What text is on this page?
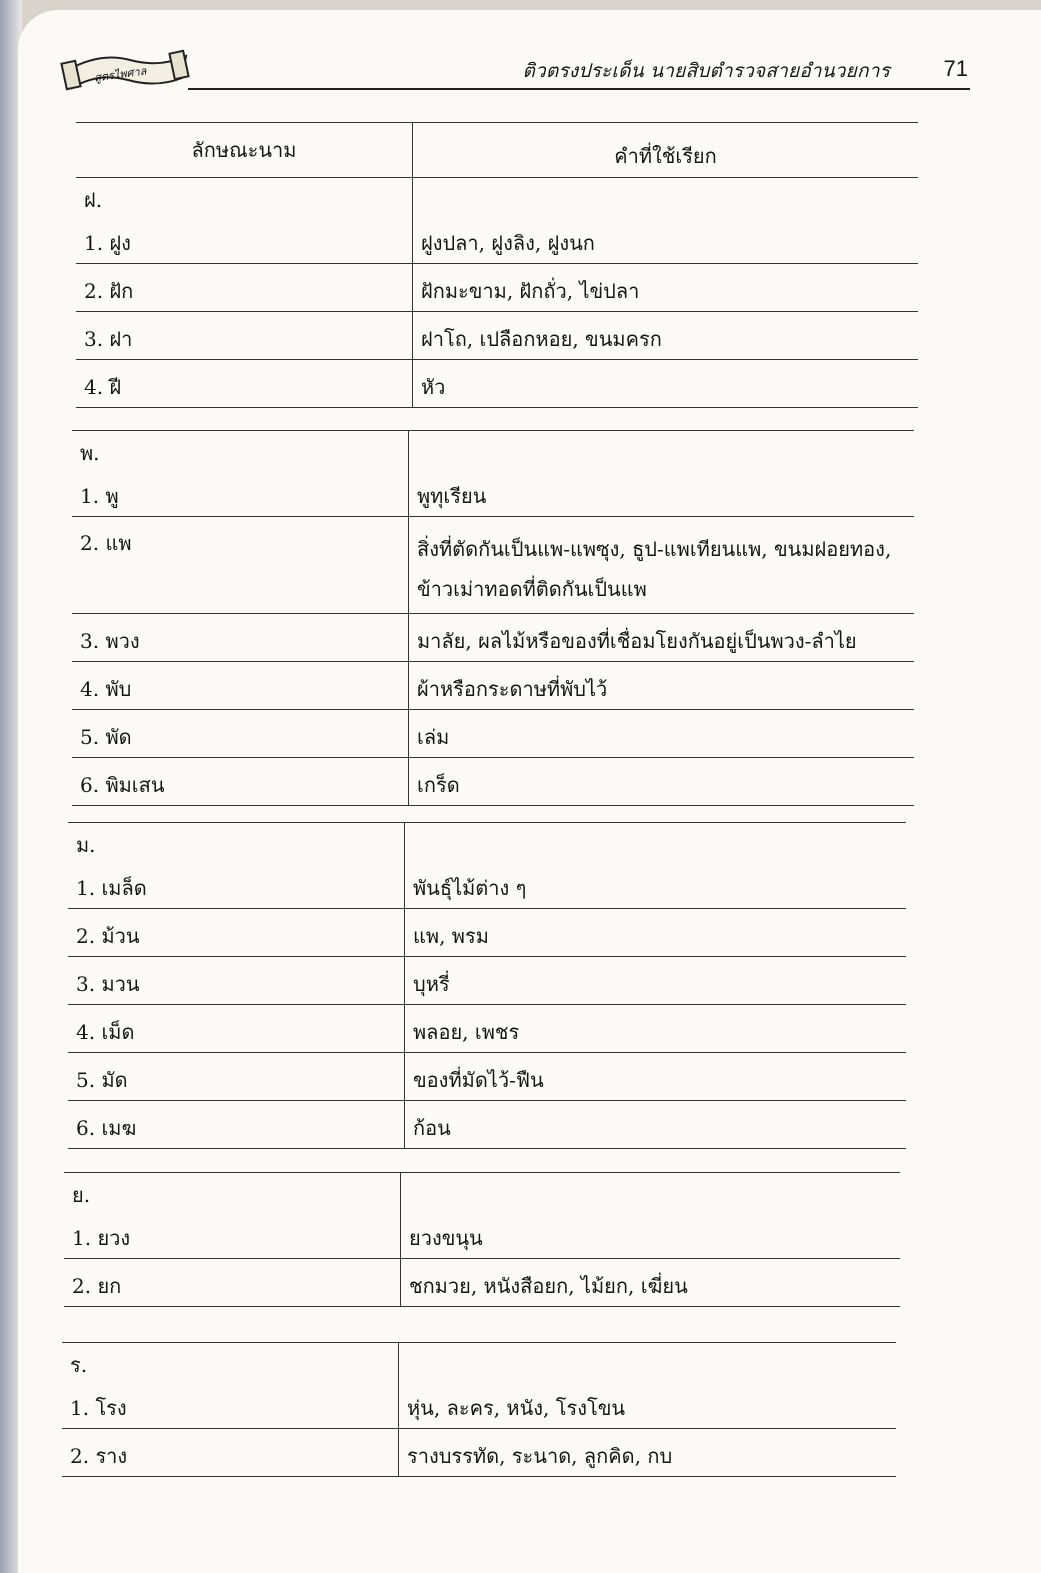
สูตรไพศาล	ติวตรงประเด็น นายสิบตำรวจสายอำนวยการ 71
ลักษณะนาม	คำที่ใช้เรียก
ฝ.	
1. ฝูง	ฝูงปลา, ฝูงลิง, ฝูงนก
2. ฝัก	ฝักมะขาม, ฝักถั่ว, ไข่ปลา
3. ฝา	ฝาโถ, เปลือกหอย, ขนมครก
4. ฝี	หัว
พ.	
1. พู	พูทุเรียน
2. แพ	สิ่งที่ตัดกันเป็นแพ-แพซุง, ธูป-แพเทียนแพ, ขนมฝอยทอง, ข้าวเม่าทอดที่ติดกันเป็นแพ
3. พวง	มาลัย, ผลไม้หรือของที่เชื่อมโยงกันอยู่เป็นพวง-ลำไย
4. พับ	ผ้าหรือกระดาษที่พับไว้
5. พัด	เล่ม
6. พิมเสน	เกร็ด
ม.	
1. เมล็ด	พันธุ์ไม้ต่าง ๆ
2. ม้วน	แพ, พรม
3. มวน	บุหรี่
4. เม็ด	พลอย, เพชร
5. มัด	ของที่มัดไว้-ฟืน
6. เมฆ	ก้อน
ย.	
1. ยวง	ยวงขนุน
2. ยก	ชกมวย, หนังสือยก, ไม้ยก, เฆี่ยน
ร.	
1. โรง	หุ่น, ละคร, หนัง, โรงโขน
2. ราง	รางบรรทัด, ระนาด, ลูกคิด, กบ
